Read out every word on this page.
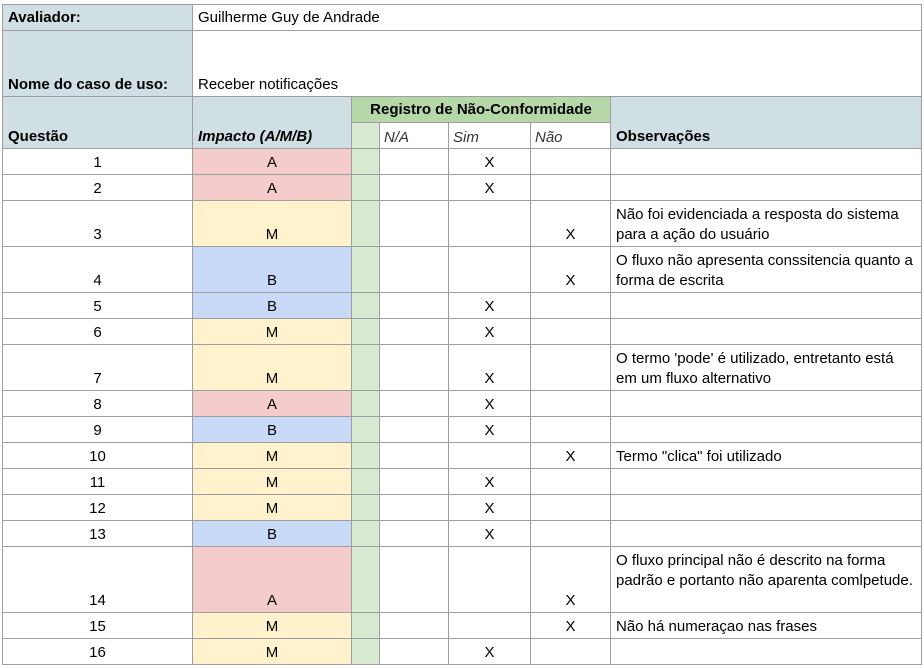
Avaliador:	Guilherme Guy de Andrade					
Nome do caso de uso:	Receber notificações					
Questão	Impacto (A/M/B)	Registro de Não-Conformidade				Observações
			N/A	Sim	Não	
1	A			X		
2	A			X		
3	M				X	Não foi evidenciada a resposta do sistema para a ação do usuário
4	B				X	O fluxo não apresenta conssitencia quanto a forma de escrita
5	B			X		
6	M			X		
7	M			X		O termo 'pode' é utilizado, entretanto está em um fluxo alternativo
8	A			X		
9	B			X		
10	M				X	Termo "clica" foi utilizado
11	M			X		
12	M			X		
13	B			X		
14	A				X	O fluxo principal não é descrito na forma padrão e portanto não aparenta comlpetude.
15	M				X	Não há numeraçao nas frases
16	M			X		
